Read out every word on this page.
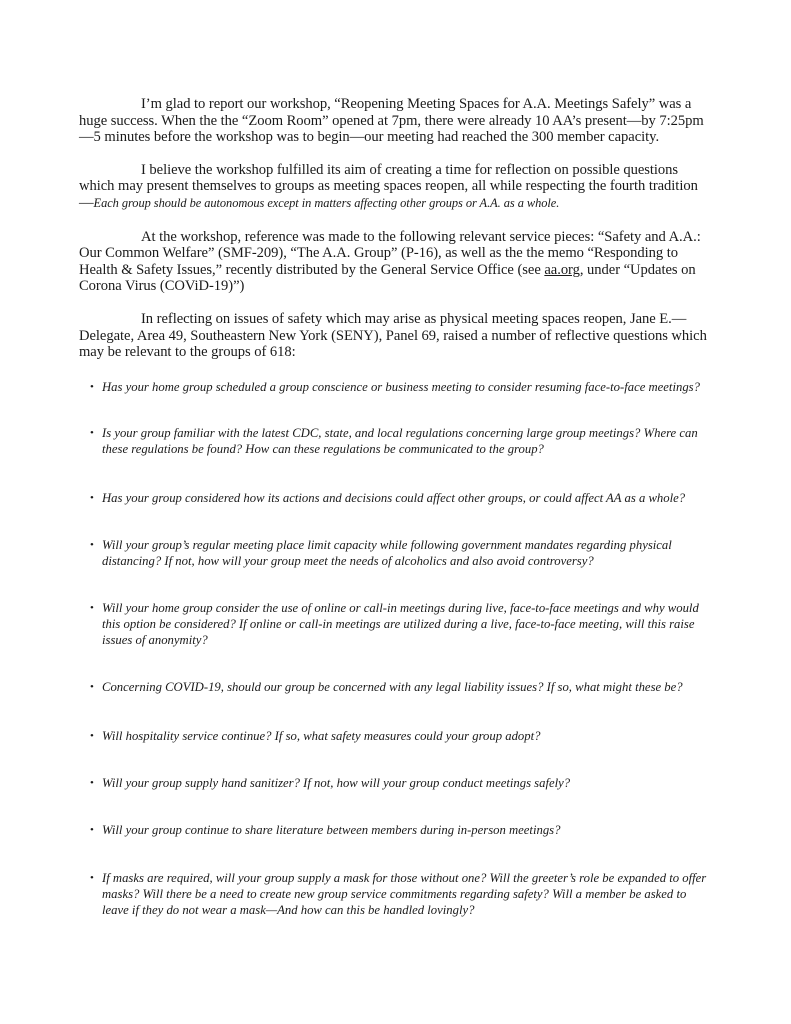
I’m glad to report our workshop, “Reopening Meeting Spaces for A.A. Meetings Safely” was a huge success. When the the “Zoom Room” opened at 7pm, there were already 10 AA’s present—by 7:25pm—5 minutes before the workshop was to begin—our meeting had reached the 300 member capacity.

I believe the workshop fulfilled its aim of creating a time for reflection on possible questions which may present themselves to groups as meeting spaces reopen, all while respecting the fourth tradition—Each group should be autonomous except in matters affecting other groups or A.A. as a whole.

At the workshop, reference was made to the following relevant service pieces: “Safety and A.A.: Our Common Welfare” (SMF-209), “The A.A. Group” (P-16), as well as the the memo “Responding to Health & Safety Issues,” recently distributed by the General Service Office (see aa.org, under “Updates on Corona Virus (COViD-19)”)

In reflecting on issues of safety which may arise as physical meeting spaces reopen, Jane E.—Delegate, Area 49, Southeastern New York (SENY), Panel 69, raised a number of reflective questions which may be relevant to the groups of 618:

• Has your home group scheduled a group conscience or business meeting to consider resuming face-to-face meetings?
• Is your group familiar with the latest CDC, state, and local regulations concerning large group meetings? Where can these regulations be found? How can these regulations be communicated to the group?
• Has your group considered how its actions and decisions could affect other groups, or could affect AA as a whole?
• Will your group’s regular meeting place limit capacity while following government mandates regarding physical distancing? If not, how will your group meet the needs of alcoholics and also avoid controversy?
• Will your home group consider the use of online or call-in meetings during live, face-to-face meetings and why would this option be considered? If online or call-in meetings are utilized during a live, face-to-face meeting, will this raise issues of anonymity?
• Concerning COVID-19, should our group be concerned with any legal liability issues? If so, what might these be?
• Will hospitality service continue? If so, what safety measures could your group adopt?
• Will your group supply hand sanitizer? If not, how will your group conduct meetings safely?
• Will your group continue to share literature between members during in-person meetings?
• If masks are required, will your group supply a mask for those without one? Will the greeter’s role be expanded to offer masks? Will there be a need to create new group service commitments regarding safety? Will a member be asked to leave if they do not wear a mask—And how can this be handled lovingly?
